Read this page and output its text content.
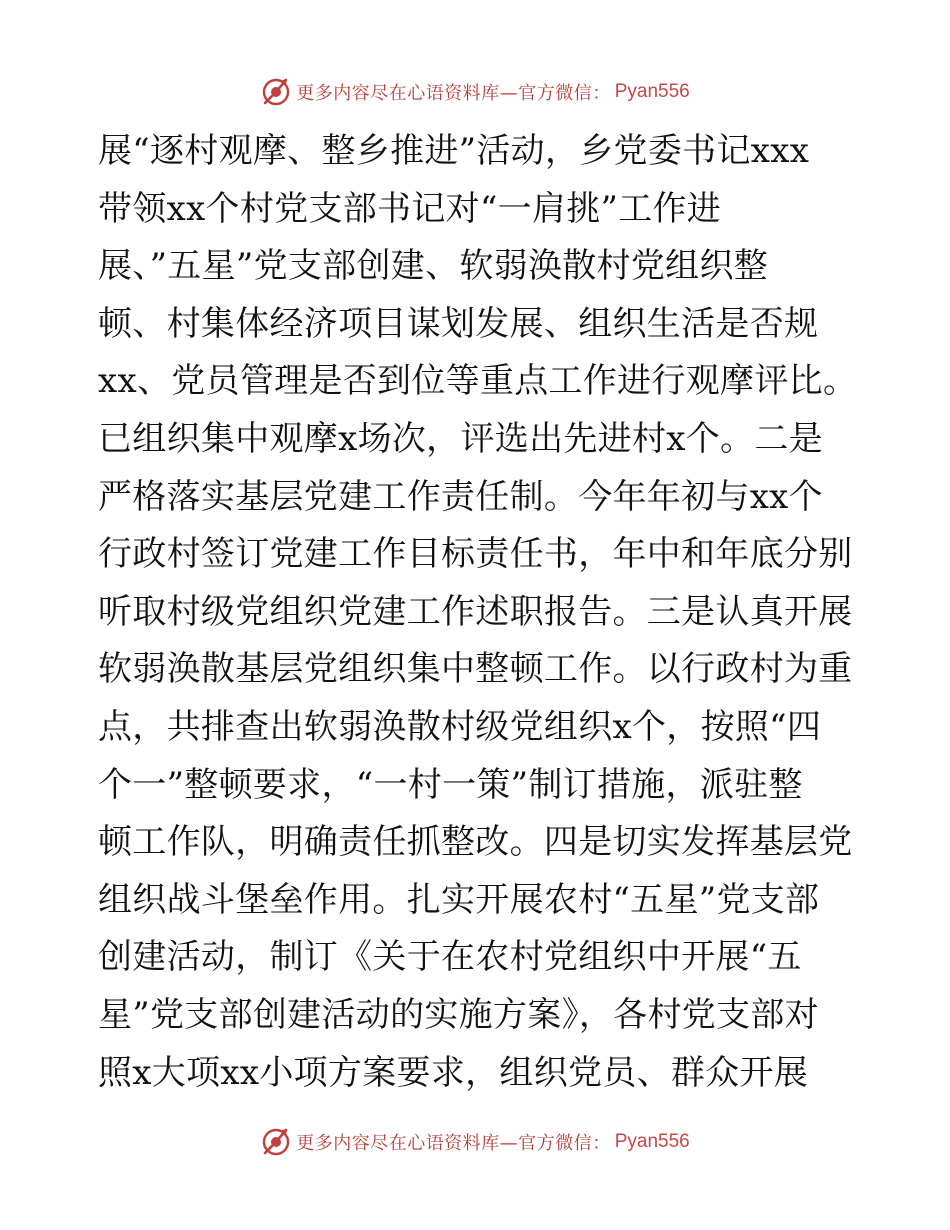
更多内容尽在心语资料库—官方微信： Pyan556
展“逐村观摩、整乡推进”活动，乡党委书记xxx
带领xx个村党支部书记对“一肩挑”工作进
展、”五星”党支部创建、软弱涣散村党组织整
顿、村集体经济项目谋划发展、组织生活是否规
xx、党员管理是否到位等重点工作进行观摩评比。
已组织集中观摩x场次，评选出先进村x个。二是
严格落实基层党建工作责任制。今年年初与xx个
行政村签订党建工作目标责任书，年中和年底分别
听取村级党组织党建工作述职报告。三是认真开展
软弱涣散基层党组织集中整顿工作。以行政村为重
点，共排查出软弱涣散村级党组织x个，按照“四
个一”整顿要求，“一村一策”制订措施，派驻整
顿工作队，明确责任抓整改。四是切实发挥基层党
组织战斗堡垒作用。扎实开展农村“五星”党支部
创建活动，制订《关于在农村党组织中开展“五
星”党支部创建活动的实施方案》，各村党支部对
照x大项xx小项方案要求，组织党员、群众开展
更多内容尽在心语资料库—官方微信： Pyan556
